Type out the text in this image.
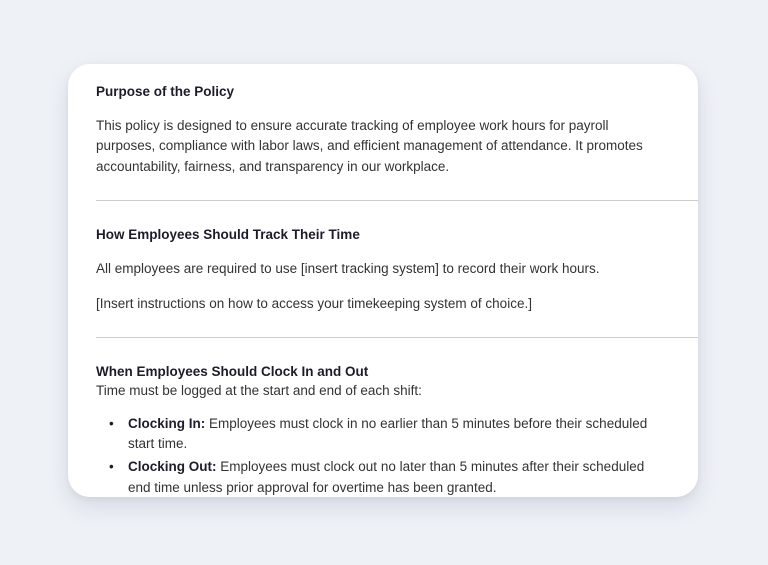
Purpose of the Policy

This policy is designed to ensure accurate tracking of employee work hours for payroll purposes, compliance with labor laws, and efficient management of attendance. It promotes accountability, fairness, and transparency in our workplace.

How Employees Should Track Their Time

All employees are required to use [insert tracking system] to record their work hours.

[Insert instructions on how to access your timekeeping system of choice.]

When Employees Should Clock In and Out

Time must be logged at the start and end of each shift:

• Clocking In: Employees must clock in no earlier than 5 minutes before their scheduled start time.
• Clocking Out: Employees must clock out no later than 5 minutes after their scheduled end time unless prior approval for overtime has been granted.
